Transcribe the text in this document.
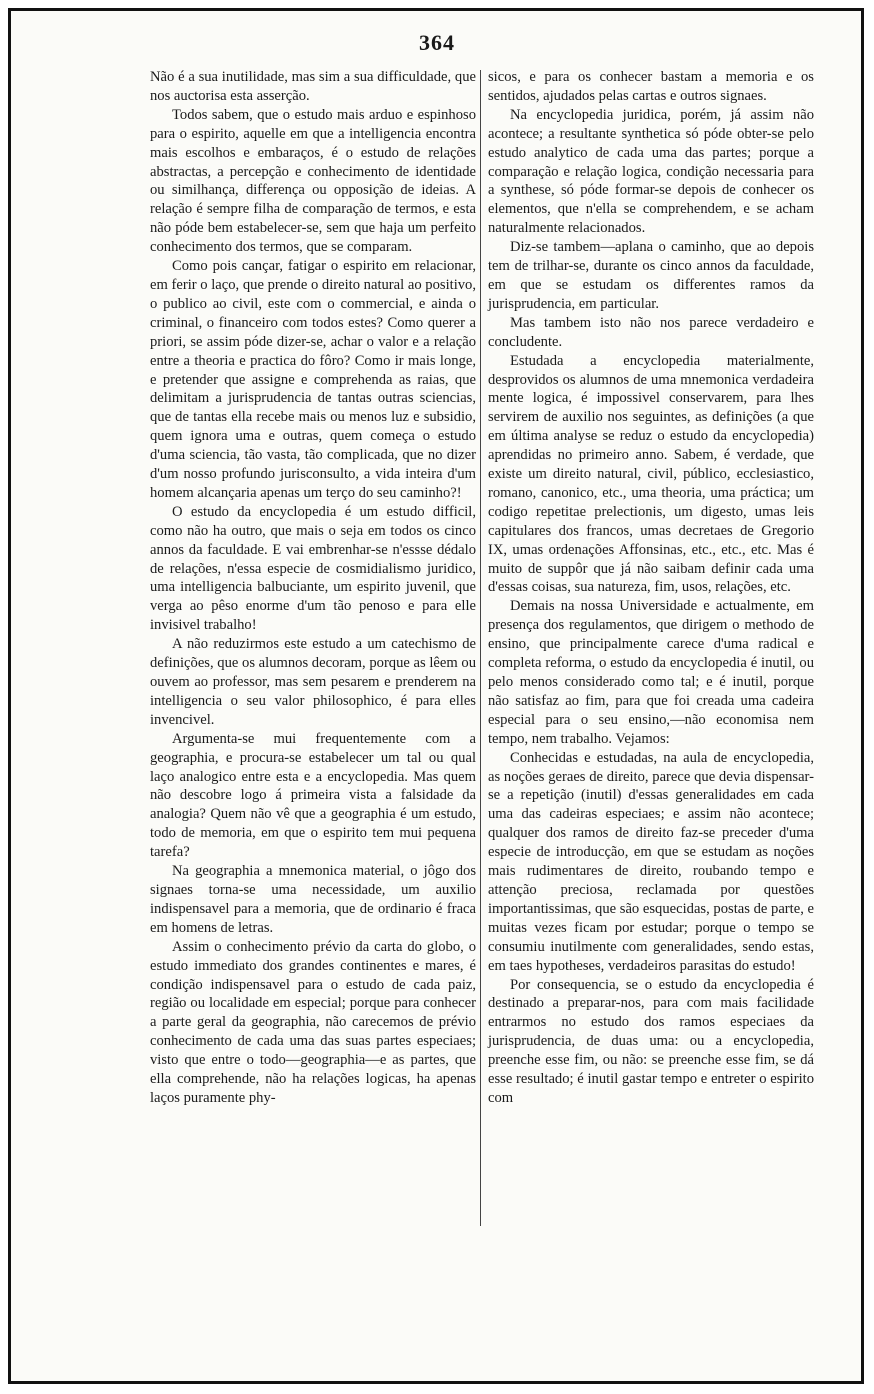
364

Não é a sua inutilidade, mas sim a sua difficuldade, que nos auctorisa esta asserção.

Todos sabem, que o estudo mais arduo e espinhoso para o espirito, aquelle em que a intelligencia encontra mais escolhos e embaraços, é o estudo de relações abstractas, a percepção e conhecimento de identidade ou similhança, differença ou opposição de ideias. A relação é sempre filha de comparação de termos, e esta não póde bem estabelecer-se, sem que haja um perfeito conhecimento dos termos, que se comparam.

Como pois cançar, fatigar o espirito em relacionar, em ferir o laço, que prende o direito natural ao positivo, o publico ao civil, este com o commercial, e ainda o criminal, o financeiro com todos estes? Como querer a priori, se assim póde dizer-se, achar o valor e a relação entre a theoria e practica do fôro? Como ir mais longe, e pretender que assigne e comprehenda as raias, que delimitam a jurisprudencia de tantas outras sciencias, que de tantas ella recebe mais ou menos luz e subsidio, quem ignora uma e outras, quem começa o estudo d'uma sciencia, tão vasta, tão complicada, que no dizer d'um nosso profundo jurisconsulto, a vida inteira d'um homem alcançaria apenas um terço do seu caminho?!

O estudo da encyclopedia é um estudo difficil, como não ha outro, que mais o seja em todos os cinco annos da faculdade. E vai embrenhar-se n'essse dédalo de relações, n'essa especie de cosmidialismo juridico, uma intelligencia balbuciante, um espirito juvenil, que verga ao pêso enorme d'um tão penoso e para elle invisivel trabalho!

A não reduzirmos este estudo a um catechismo de definições, que os alumnos decoram, porque as lêem ou ouvem ao professor, mas sem pesarem e prenderem na intelligencia o seu valor philosophico, é para elles invencivel.

Argumenta-se mui frequentemente com a geographia, e procura-se estabelecer um tal ou qual laço analogico entre esta e a encyclopedia. Mas quem não descobre logo á primeira vista a falsidade da analogia? Quem não vê que a geographia é um estudo, todo de memoria, em que o espirito tem mui pequena tarefa?

Na geographia a mnemonica material, o jôgo dos signaes torna-se uma necessidade, um auxilio indispensavel para a memoria, que de ordinario é fraca em homens de letras.

Assim o conhecimento prévio da carta do globo, o estudo immediato dos grandes continentes e mares, é condição indispensavel para o estudo de cada paiz, região ou localidade em especial; porque para conhecer a parte geral da geographia, não carecemos de prévio conhecimento de cada uma das suas partes especiaes; visto que entre o todo—geographia—e as partes, que ella comprehende, não ha relações logicas, ha apenas laços puramente phy-

sicos, e para os conhecer bastam a memoria e os sentidos, ajudados pelas cartas e outros signaes.

Na encyclopedia juridica, porém, já assim não acontece; a resultante synthetica só póde obter-se pelo estudo analytico de cada uma das partes; porque a comparação e relação logica, condição necessaria para a synthese, só póde formar-se depois de conhecer os elementos, que n'ella se comprehendem, e se acham naturalmente relacionados.

Diz-se tambem—aplana o caminho, que ao depois tem de trilhar-se, durante os cinco annos da faculdade, em que se estudam os differentes ramos da jurisprudencia, em particular.

Mas tambem isto não nos parece verdadeiro e concludente.

Estudada a encyclopedia materialmente, desprovidos os alumnos de uma mnemonica verdadeira mente logica, é impossivel conservarem, para lhes servirem de auxilio nos seguintes, as definições (a que em última analyse se reduz o estudo da encyclopedia) aprendidas no primeiro anno. Sabem, é verdade, que existe um direito natural, civil, público, ecclesiastico, romano, canonico, etc., uma theoria, uma práctica; um codigo repetitae prelectionis, um digesto, umas leis capitulares dos francos, umas decretaes de Gregorio IX, umas ordenações Affonsinas, etc., etc., etc. Mas é muito de suppôr que já não saibam definir cada uma d'essas coisas, sua natureza, fim, usos, relações, etc.

Demais na nossa Universidade e actualmente, em presença dos regulamentos, que dirigem o methodo de ensino, que principalmente carece d'uma radical e completa reforma, o estudo da encyclopedia é inutil, ou pelo menos considerado como tal; e é inutil, porque não satisfaz ao fim, para que foi creada uma cadeira especial para o seu ensino,—não economisa nem tempo, nem trabalho. Vejamos:

Conhecidas e estudadas, na aula de encyclopedia, as noções geraes de direito, parece que devia dispensar-se a repetição (inutil) d'essas generalidades em cada uma das cadeiras especiaes; e assim não acontece; qualquer dos ramos de direito faz-se preceder d'uma especie de introducção, em que se estudam as noções mais rudimentares de direito, roubando tempo e attenção preciosa, reclamada por questões importantissimas, que são esquecidas, postas de parte, e muitas vezes ficam por estudar; porque o tempo se consumiu inutilmente com generalidades, sendo estas, em taes hypotheses, verdadeiros parasitas do estudo!

Por consequencia, se o estudo da encyclopedia é destinado a preparar-nos, para com mais facilidade entrarmos no estudo dos ramos especiaes da jurisprudencia, de duas uma: ou a encyclopedia, preenche esse fim, ou não: se preenche esse fim, se dá esse resultado; é inutil gastar tempo e entreter o espirito com
